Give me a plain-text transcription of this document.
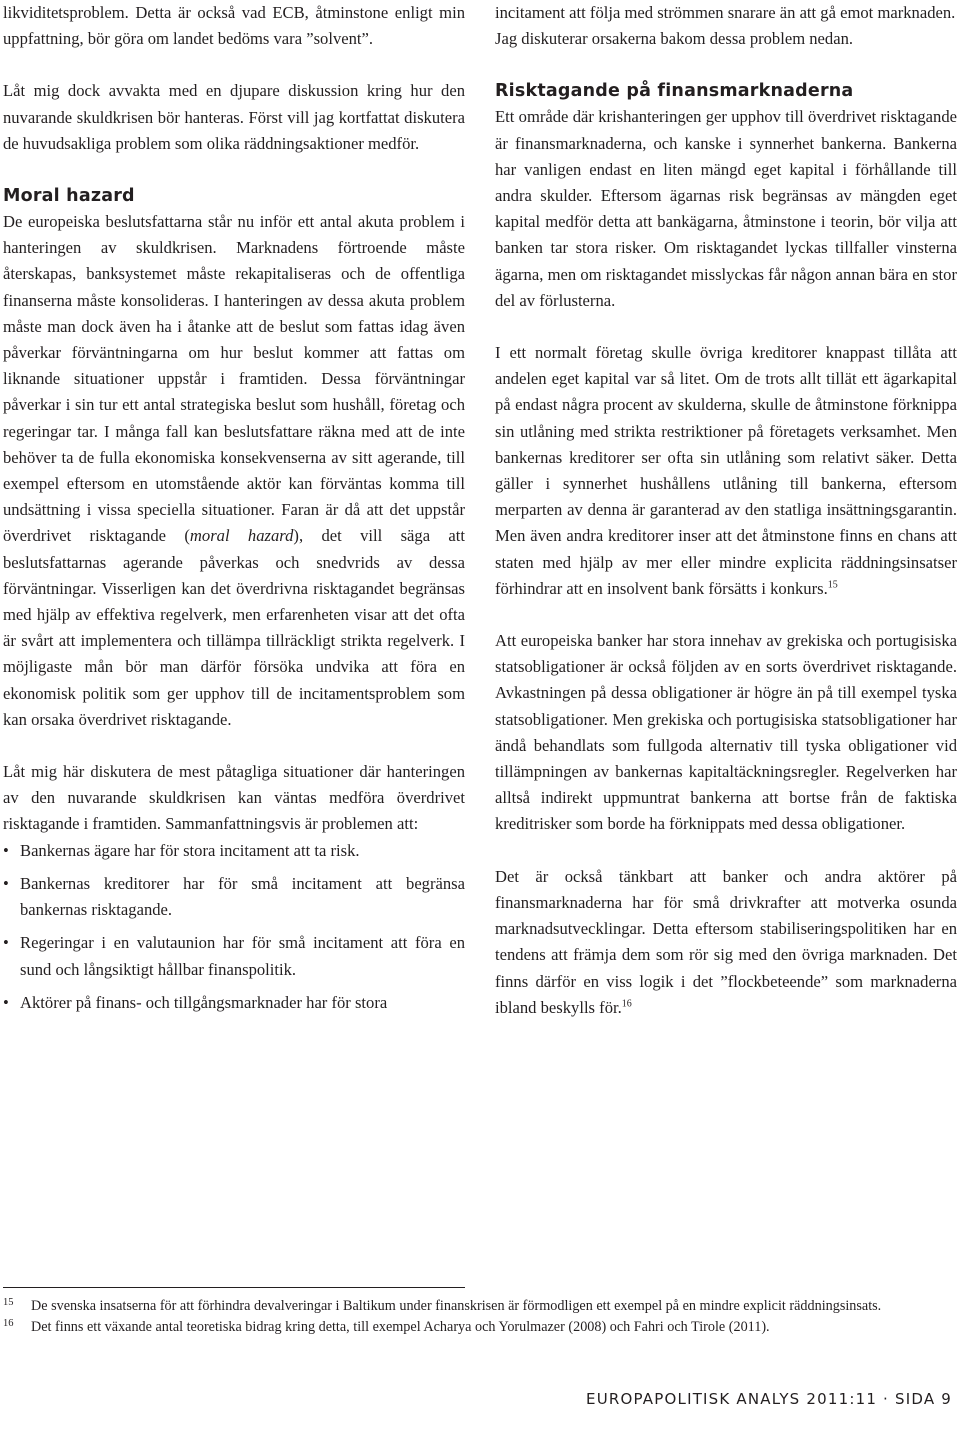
likviditetsproblem. Detta är också vad ECB, åtminstone enligt min uppfattning, bör göra om landet bedöms vara ”solvent”.

Låt mig dock avvakta med en djupare diskussion kring hur den nuvarande skuldkrisen bör hanteras. Först vill jag kortfattat diskutera de huvudsakliga problem som olika räddningsaktioner medför.

Moral hazard

De europeiska beslutsfattarna står nu inför ett antal akuta problem i hanteringen av skuldkrisen. Marknadens förtroende måste återskapas, banksystemet måste rekapitaliseras och de offentliga finanserna måste konsolideras. I hanteringen av dessa akuta problem måste man dock även ha i åtanke att de beslut som fattas idag även påverkar förväntningarna om hur beslut kommer att fattas om liknande situationer uppstår i framtiden. Dessa förväntningar påverkar i sin tur ett antal strategiska beslut som hushåll, företag och regeringar tar. I många fall kan beslutsfattare räkna med att de inte behöver ta de fulla ekonomiska konsekvenserna av sitt agerande, till exempel eftersom en utomstående aktör kan förväntas komma till undsättning i vissa speciella situationer. Faran är då att det uppstår överdrivet risktagande (moral hazard), det vill säga att beslutsfattarnas agerande påverkas och snedvrids av dessa förväntningar. Visserligen kan det överdrivna risktagandet begränsas med hjälp av effektiva regelverk, men erfarenheten visar att det ofta är svårt att implementera och tillämpa tillräckligt strikta regelverk. I möjligaste mån bör man därför försöka undvika att föra en ekonomisk politik som ger upphov till de incitamentsproblem som kan orsaka överdrivet risktagande.

Låt mig här diskutera de mest påtagliga situationer där hanteringen av den nuvarande skuldkrisen kan väntas medföra överdrivet risktagande i framtiden. Sammanfattningsvis är problemen att:

• Bankernas ägare har för stora incitament att ta risk.
• Bankernas kreditorer har för små incitament att begränsa bankernas risktagande.
• Regeringar i en valutaunion har för små incitament att föra en sund och långsiktigt hållbar finanspolitik.
• Aktörer på finans- och tillgångsmarknader har för stora

incitament att följa med strömmen snarare än att gå emot marknaden.

Jag diskuterar orsakerna bakom dessa problem nedan.

Risktagande på finansmarknaderna

Ett område där krishanteringen ger upphov till överdrivet risktagande är finansmarknaderna, och kanske i synnerhet bankerna. Bankerna har vanligen endast en liten mängd eget kapital i förhållande till andra skulder. Eftersom ägarnas risk begränsas av mängden eget kapital medför detta att bankägarna, åtminstone i teorin, bör vilja att banken tar stora risker. Om risktagandet lyckas tillfaller vinsterna ägarna, men om risktagandet misslyckas får någon annan bära en stor del av förlusterna.

I ett normalt företag skulle övriga kreditorer knappast tillåta att andelen eget kapital var så litet. Om de trots allt tillät ett ägarkapital på endast några procent av skulderna, skulle de åtminstone förknippa sin utlåning med strikta restriktioner på företagets verksamhet. Men bankernas kreditorer ser ofta sin utlåning som relativt säker. Detta gäller i synnerhet hushållens utlåning till bankerna, eftersom merparten av denna är garanterad av den statliga insättningsgarantin. Men även andra kreditorer inser att det åtminstone finns en chans att staten med hjälp av mer eller mindre explicita räddningsinsatser förhindrar att en insolvent bank försätts i konkurs.$^{15}$

Att europeiska banker har stora innehav av grekiska och portugisiska statsobligationer är också följden av en sorts överdrivet risktagande. Avkastningen på dessa obligationer är högre än på till exempel tyska statsobligationer. Men grekiska och portugisiska statsobligationer har ändå behandlats som fullgoda alternativ till tyska obligationer vid tillämpningen av bankernas kapitaltäckningsregler. Regelverken har alltså indirekt uppmuntrat bankerna att bortse från de faktiska kreditrisker som borde ha förknippats med dessa obligationer.

Det är också tänkbart att banker och andra aktörer på finansmarknaderna har för små drivkrafter att motverka osunda marknadsutvecklingar. Detta eftersom stabiliseringspolitiken har en tendens att främja dem som rör sig med den övriga marknaden. Det finns därför en viss logik i det ”flockbeteende” som marknaderna ibland beskylls för.$^{16}$

15 De svenska insatserna för att förhindra devalveringar i Baltikum under finanskrisen är förmodligen ett exempel på en mindre explicit räddningsinsats.
16 Det finns ett växande antal teoretiska bidrag kring detta, till exempel Acharya och Yorulmazer (2008) och Fahri och Tirole (2011).
EUROPAPOLITISK ANALYS 2011:11 · SIDA 9
